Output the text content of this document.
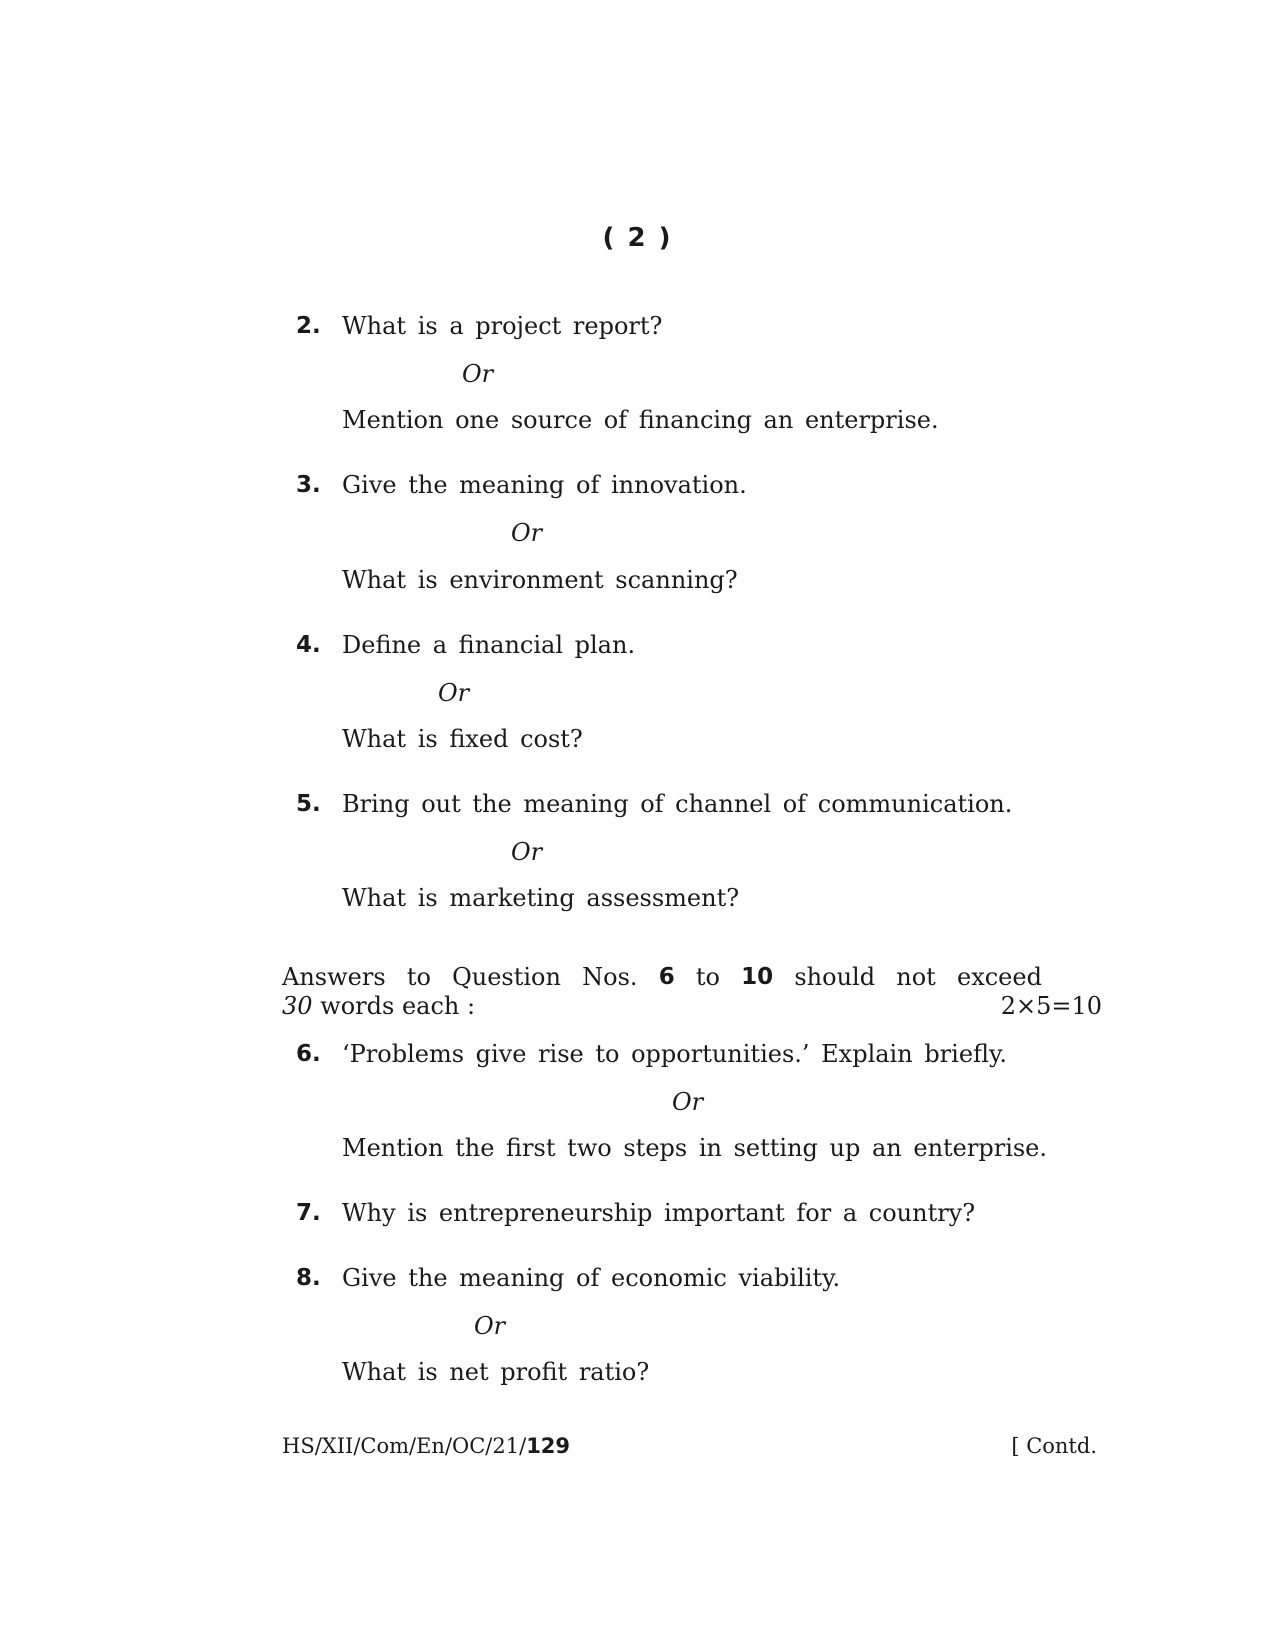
( 2 )
2. What is a project report?
Or
Mention one source of financing an enterprise.
3. Give the meaning of innovation.
Or
What is environment scanning?
4. Define a financial plan.
Or
What is fixed cost?
5. Bring out the meaning of channel of communication.
Or
What is marketing assessment?
Answers to Question Nos. 6 to 10 should not exceed
30 words each :	2×5=10
6. ‘Problems give rise to opportunities.’ Explain briefly.
Or
Mention the first two steps in setting up an enterprise.
7. Why is entrepreneurship important for a country?
8. Give the meaning of economic viability.
Or
What is net profit ratio?
HS/XII/Com/En/OC/21/129	[ Contd.
